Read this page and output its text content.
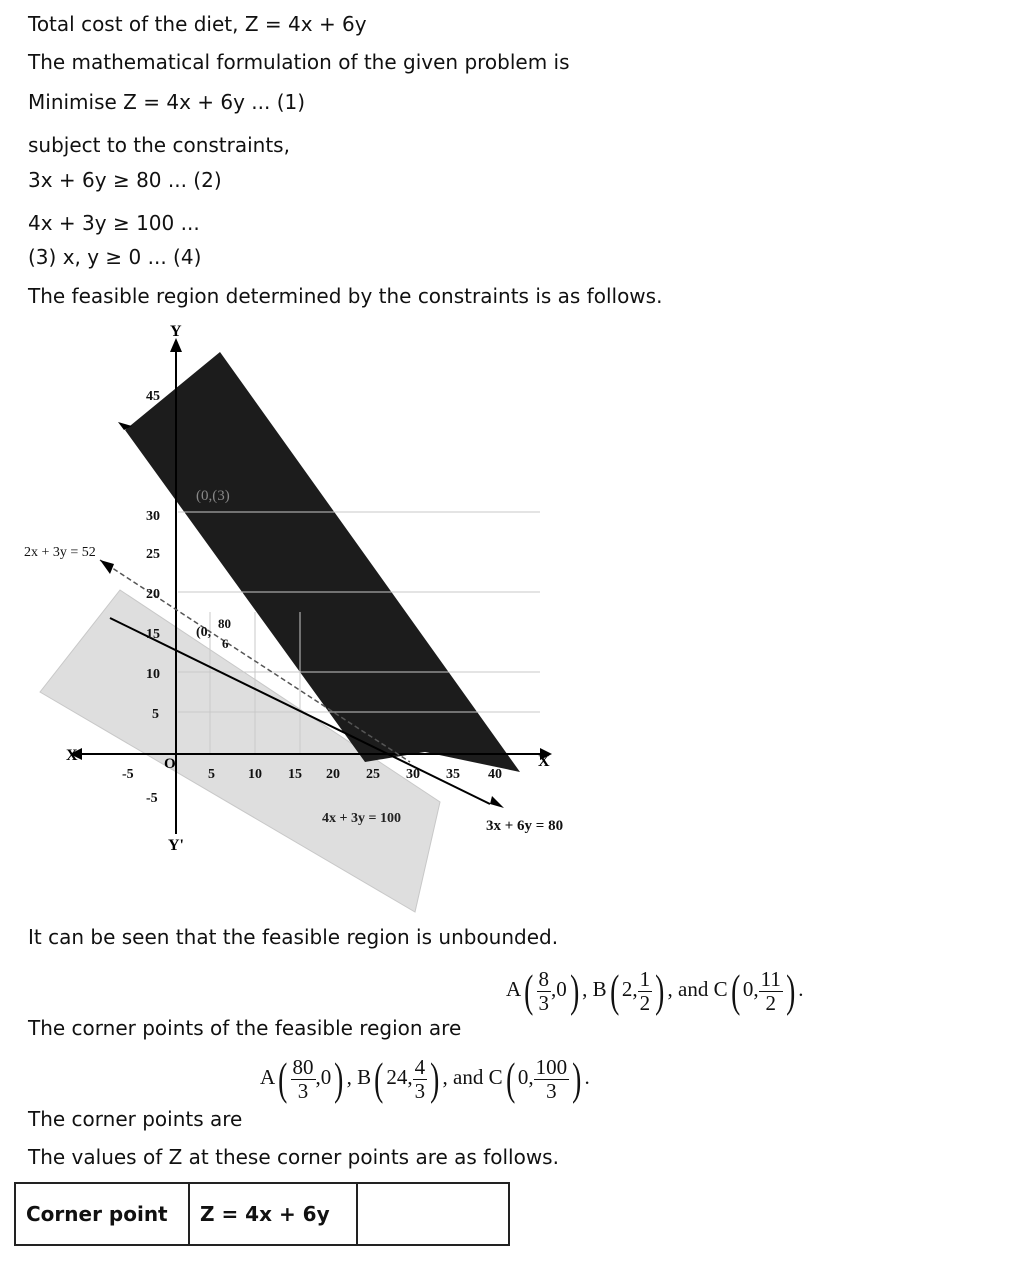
Total cost of the diet, Z = 4x + 6y
The mathematical formulation of the given problem is
Minimise Z = 4x + 6y ... (1)
subject to the constraints,
3x + 6y ≥ 80 ... (2)
4x + 3y ≥ 100 ...
(3) x, y ≥ 0 ... (4)
The feasible region determined by the constraints is as follows.
Y
Y'
X'	X
O
-5	5 10 15 20 25 30 35 40
45
30
25
20
15
10
5
-5
2x + 3y = 52
4x + 3y = 100	3x + 6y = 80
(0,(3)
(0,
80
6
It can be seen that the feasible region is unbounded.
$A( \frac{8}{3} ,0)$ , B( 2, $\frac{1}{2}$ ) , and C( 0, $\frac{11}{2}$ ) .
The corner points of the feasible region are
$A( \frac{80}{3} ,0)$ , B( 24, $\frac{4}{3}$ ) , and C( 0, $\frac{100}{3}$ ) .
The corner points are
The values of Z at these corner points are as follows.
Corner point	Z = 4x + 6y	
